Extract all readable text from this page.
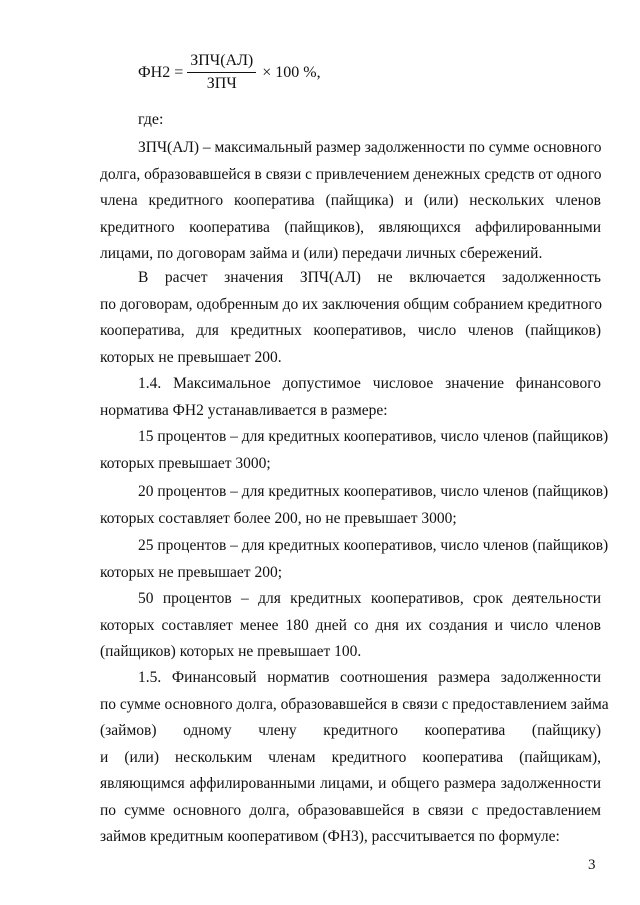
$ФН2 = \frac{\text{ЗПЧ(АЛ)}}{\text{ЗПЧ}} \times 100$ %,
где:
ЗПЧ(АЛ) – максимальный размер задолженности по сумме основного
долга, образовавшейся в связи с привлечением денежных средств от одного
члена кредитного кооператива (пайщика) и (или) нескольких членов
кредитного кооператива (пайщиков), являющихся аффилированными
лицами, по договорам займа и (или) передачи личных сбережений.
В расчет значения ЗПЧ(АЛ) не включается задолженность
по договорам, одобренным до их заключения общим собранием кредитного
кооператива, для кредитных кооперативов, число членов (пайщиков)
которых не превышает 200.
1.4. Максимальное допустимое числовое значение финансового
норматива ФН2 устанавливается в размере:
15 процентов – для кредитных кооперативов, число членов (пайщиков)
которых превышает 3000;
20 процентов – для кредитных кооперативов, число членов (пайщиков)
которых составляет более 200, но не превышает 3000;
25 процентов – для кредитных кооперативов, число членов (пайщиков)
которых не превышает 200;
50 процентов – для кредитных кооперативов, срок деятельности
которых составляет менее 180 дней со дня их создания и число членов
(пайщиков) которых не превышает 100.
1.5. Финансовый норматив соотношения размера задолженности
по сумме основного долга, образовавшейся в связи с предоставлением займа
(займов) одному члену кредитного кооператива (пайщику)
и (или) нескольким членам кредитного кооператива (пайщикам),
являющимся аффилированными лицами, и общего размера задолженности
по сумме основного долга, образовавшейся в связи с предоставлением
займов кредитным кооперативом (ФН3), рассчитывается по формуле:
3
